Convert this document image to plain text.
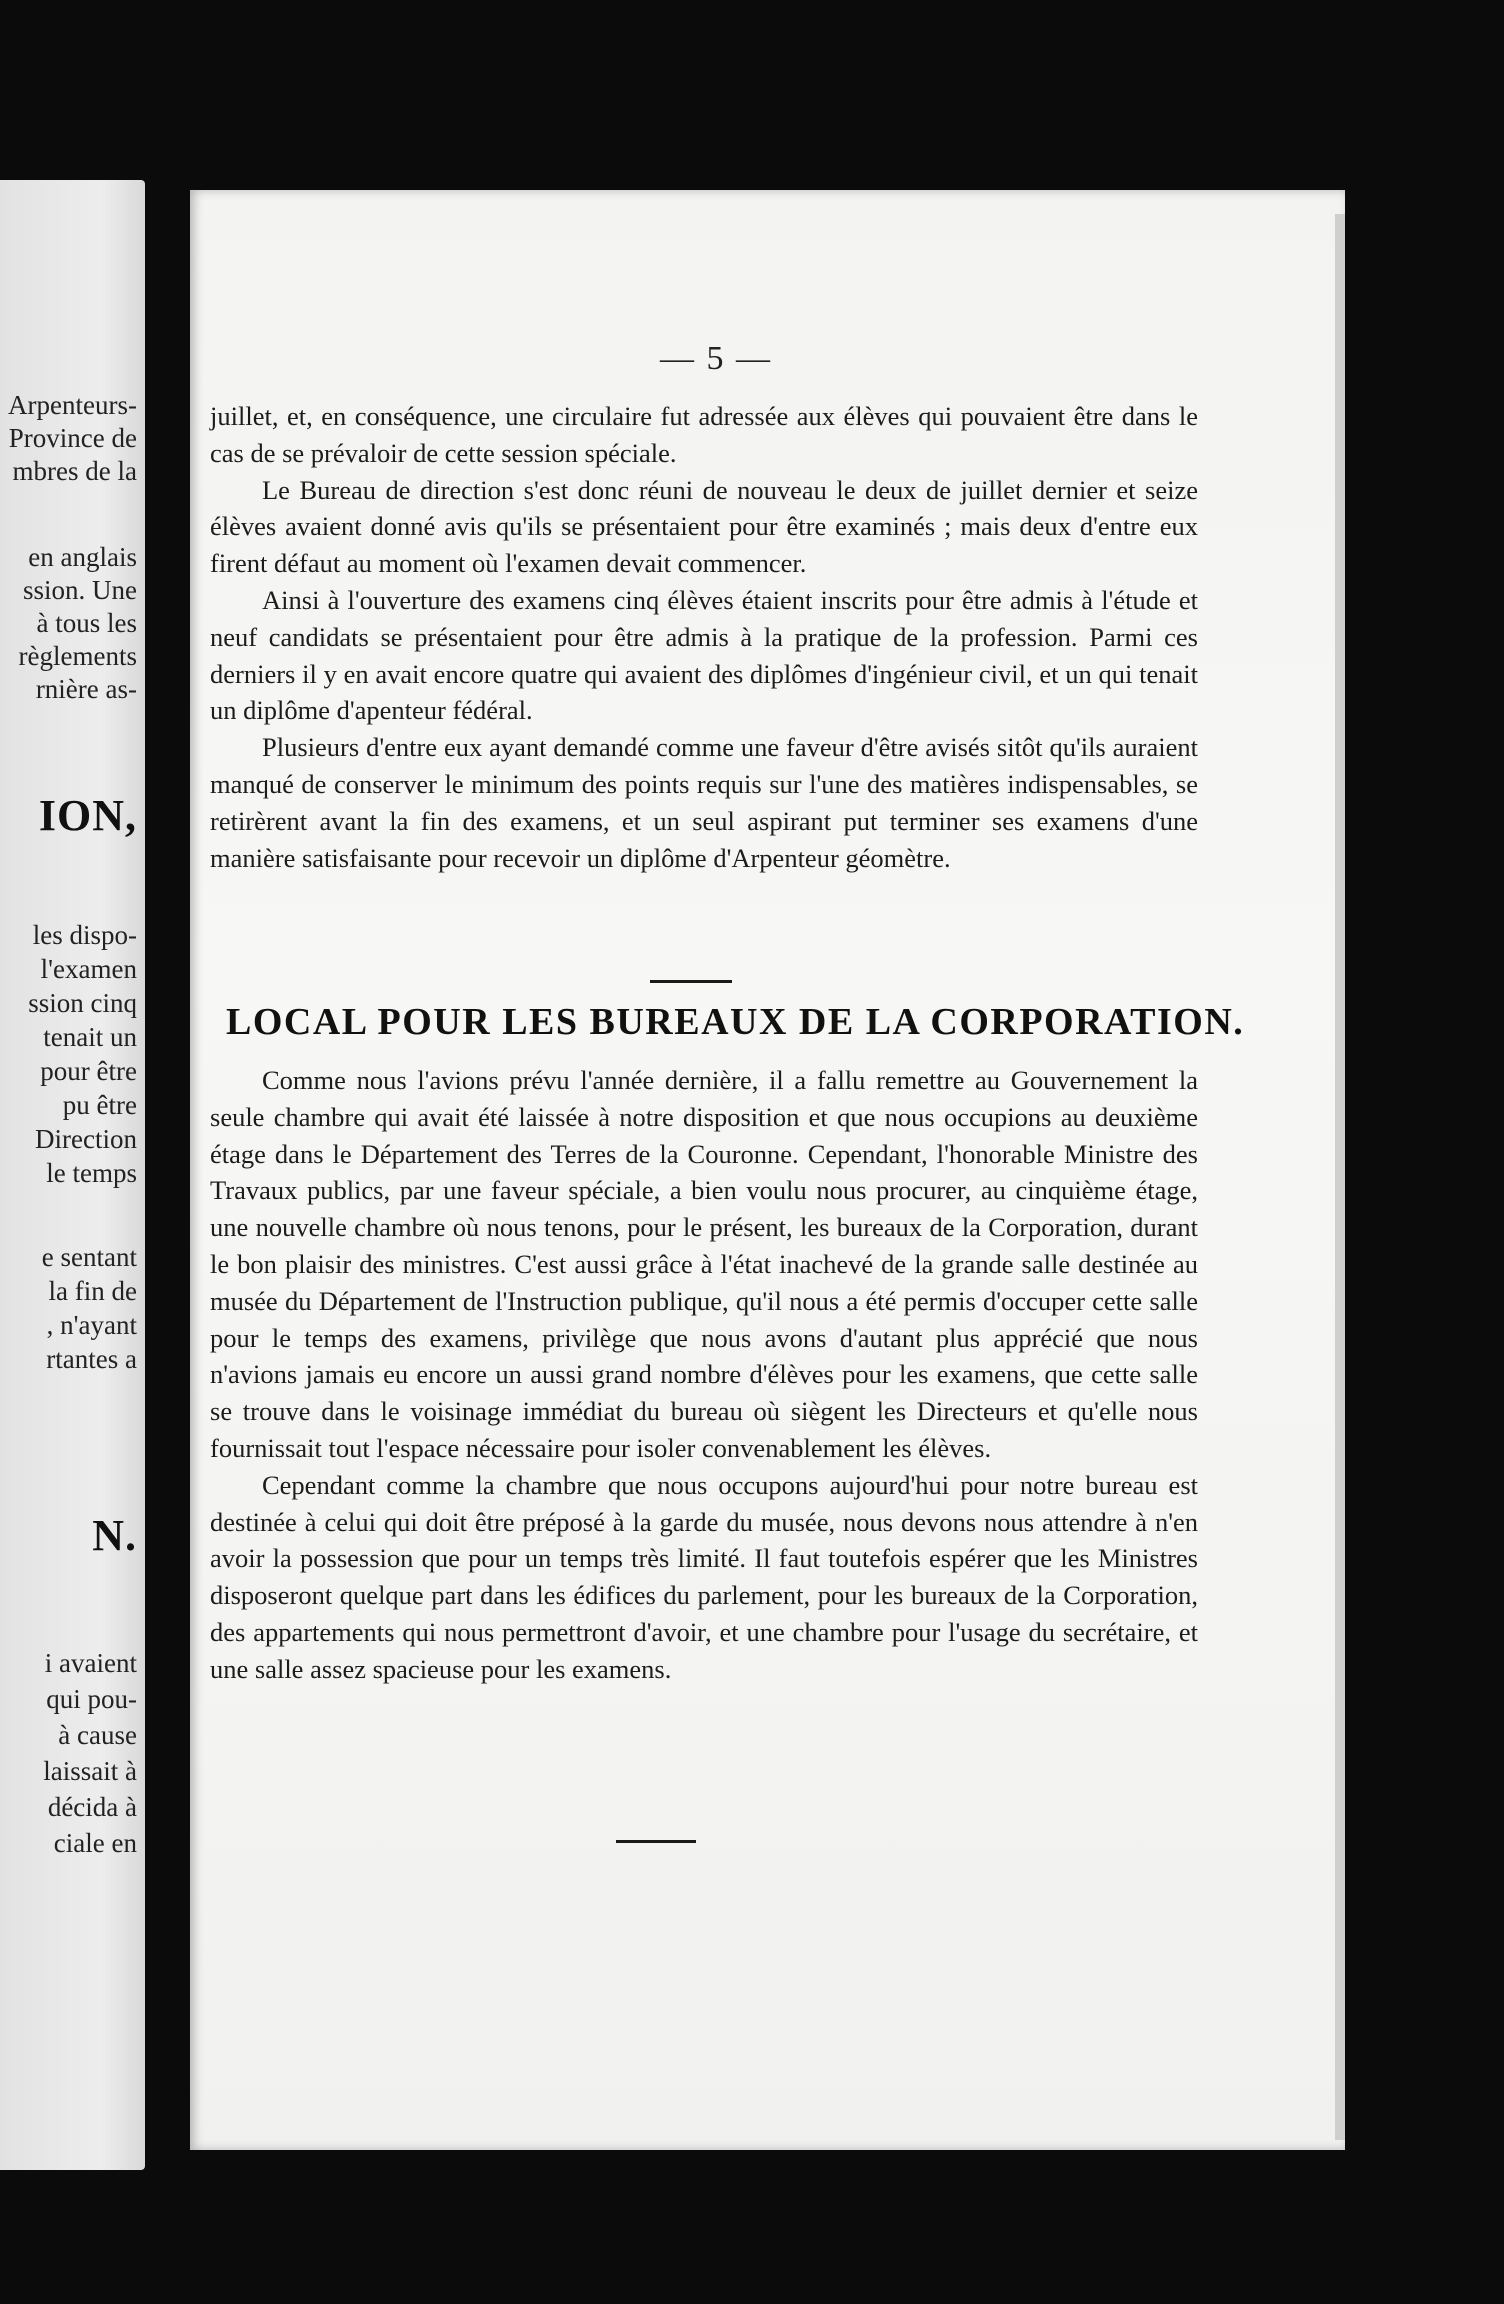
Arpenteurs-
Province de
mbres de la
en anglais
ssion. Une
à tous les
règlements
rnière as-
ION,
les dispo-
l'examen
ssion cinq
tenait un
pour être
pu être
Direction
le temps
e sentant
la fin de
, n'ayant
rtantes a
N.
i avaient
qui pou-
à cause
laissait à
décida à
ciale en
— 5 —

juillet, et, en conséquence, une circulaire fut adressée aux élèves qui pouvaient être dans le cas de se prévaloir de cette session spéciale.

Le Bureau de direction s'est donc réuni de nouveau le deux de juillet dernier et seize élèves avaient donné avis qu'ils se présentaient pour être examinés ; mais deux d'entre eux firent défaut au moment où l'examen devait commencer.

Ainsi à l'ouverture des examens cinq élèves étaient inscrits pour être admis à l'étude et neuf candidats se présentaient pour être admis à la pratique de la profession. Parmi ces derniers il y en avait encore quatre qui avaient des diplômes d'ingénieur civil, et un qui tenait un diplôme d'apenteur fédéral.

Plusieurs d'entre eux ayant demandé comme une faveur d'être avisés sitôt qu'ils auraient manqué de conserver le minimum des points requis sur l'une des matières indispensables, se retirèrent avant la fin des examens, et un seul aspirant put terminer ses examens d'une manière satisfaisante pour recevoir un diplôme d'Arpenteur géomètre.

LOCAL POUR LES BUREAUX DE LA CORPORATION.

Comme nous l'avions prévu l'année dernière, il a fallu remettre au Gouvernement la seule chambre qui avait été laissée à notre disposition et que nous occupions au deuxième étage dans le Département des Terres de la Couronne. Cependant, l'honorable Ministre des Travaux publics, par une faveur spéciale, a bien voulu nous procurer, au cinquième étage, une nouvelle chambre où nous tenons, pour le présent, les bureaux de la Corporation, durant le bon plaisir des ministres. C'est aussi grâce à l'état inachevé de la grande salle destinée au musée du Département de l'Instruction publique, qu'il nous a été permis d'occuper cette salle pour le temps des examens, privilège que nous avons d'autant plus apprécié que nous n'avions jamais eu encore un aussi grand nombre d'élèves pour les examens, que cette salle se trouve dans le voisinage immédiat du bureau où siègent les Directeurs et qu'elle nous fournissait tout l'espace nécessaire pour isoler convenablement les élèves.

Cependant comme la chambre que nous occupons aujourd'hui pour notre bureau est destinée à celui qui doit être préposé à la garde du musée, nous devons nous attendre à n'en avoir la possession que pour un temps très limité. Il faut toutefois espérer que les Ministres disposeront quelque part dans les édifices du parlement, pour les bureaux de la Corporation, des appartements qui nous permettront d'avoir, et une chambre pour l'usage du secrétaire, et une salle assez spacieuse pour les examens.
